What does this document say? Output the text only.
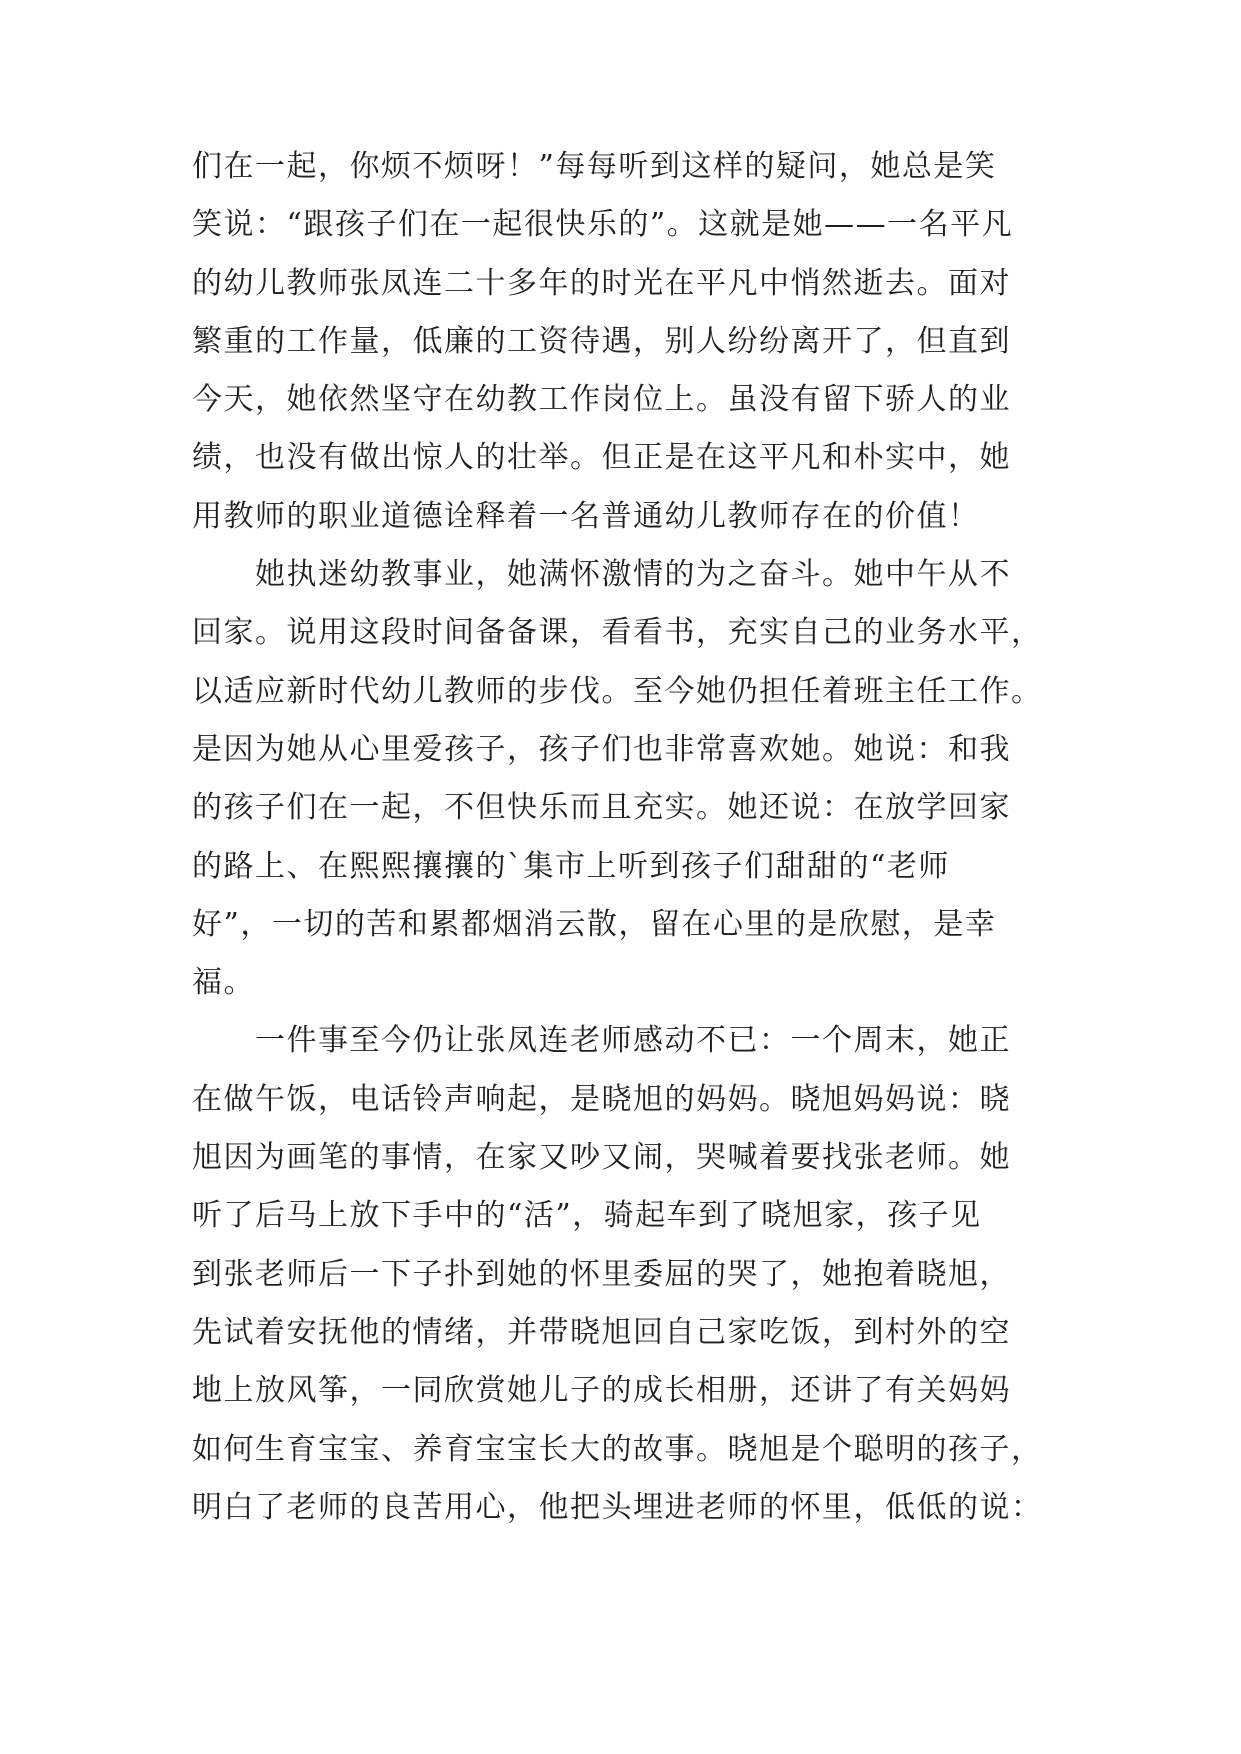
们在一起，你烦不烦呀！”每每听到这样的疑问，她总是笑
笑说：“跟孩子们在一起很快乐的”。这就是她——一名平凡
的幼儿教师张凤连二十多年的时光在平凡中悄然逝去。面对
繁重的工作量，低廉的工资待遇，别人纷纷离开了，但直到
今天，她依然坚守在幼教工作岗位上。虽没有留下骄人的业
绩，也没有做出惊人的壮举。但正是在这平凡和朴实中，她
用教师的职业道德诠释着一名普通幼儿教师存在的价值！

　　她执迷幼教事业，她满怀激情的为之奋斗。她中午从不
回家。说用这段时间备备课，看看书，充实自己的业务水平，
以适应新时代幼儿教师的步伐。至今她仍担任着班主任工作。
是因为她从心里爱孩子，孩子们也非常喜欢她。她说：和我
的孩子们在一起，不但快乐而且充实。她还说：在放学回家
的路上、在熙熙攘攘的`集市上听到孩子们甜甜的“老师
好”，一切的苦和累都烟消云散，留在心里的是欣慰，是幸
福。

　　一件事至今仍让张凤连老师感动不已：一个周末，她正
在做午饭，电话铃声响起，是晓旭的妈妈。晓旭妈妈说：晓
旭因为画笔的事情，在家又吵又闹，哭喊着要找张老师。她
听了后马上放下手中的“活”，骑起车到了晓旭家，孩子见
到张老师后一下子扑到她的怀里委屈的哭了，她抱着晓旭，
先试着安抚他的情绪，并带晓旭回自己家吃饭，到村外的空
地上放风筝，一同欣赏她儿子的成长相册，还讲了有关妈妈
如何生育宝宝、养育宝宝长大的故事。晓旭是个聪明的孩子，
明白了老师的良苦用心，他把头埋进老师的怀里，低低的说：
